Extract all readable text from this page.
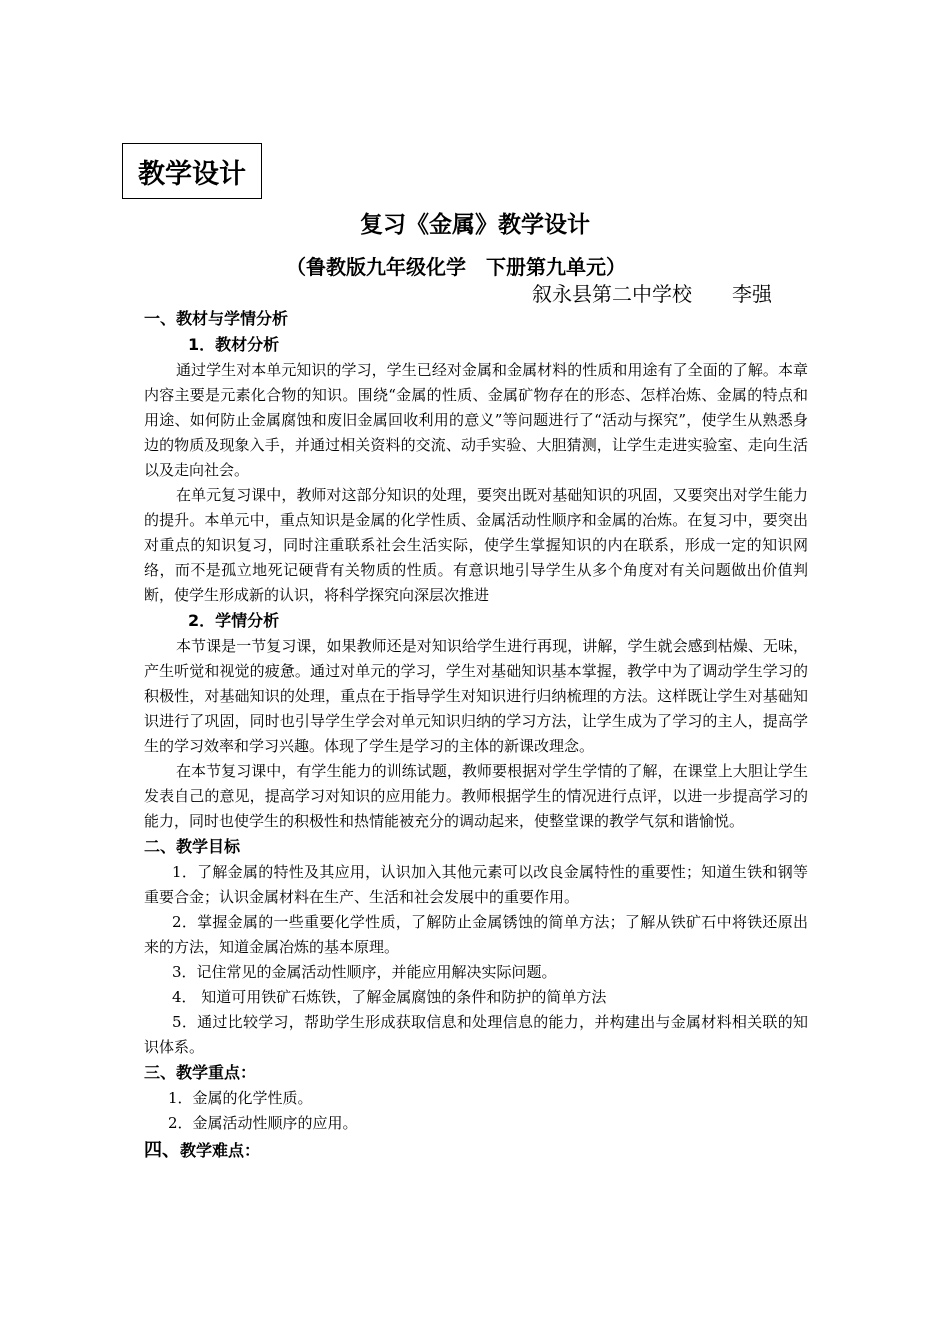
教学设计
复习《金属》教学设计
（鲁教版九年级化学　下册第九单元）
叙永县第二中学校　　李强
一、教材与学情分析
1．教材分析

通过学生对本单元知识的学习，学生已经对金属和金属材料的性质和用途有了全面的了解。本章内容主要是元素化合物的知识。围绕“金属的性质、金属矿物存在的形态、怎样冶炼、金属的特点和用途、如何防止金属腐蚀和废旧金属回收利用的意义”等问题进行了“活动与探究”，使学生从熟悉身边的物质及现象入手，并通过相关资料的交流、动手实验、大胆猜测，让学生走进实验室、走向生活以及走向社会。

在单元复习课中，教师对这部分知识的处理，要突出既对基础知识的巩固，又要突出对学生能力的提升。本单元中，重点知识是金属的化学性质、金属活动性顺序和金属的冶炼。在复习中，要突出对重点的知识复习，同时注重联系社会生活实际，使学生掌握知识的内在联系，形成一定的知识网络，而不是孤立地死记硬背有关物质的性质。有意识地引导学生从多个角度对有关问题做出价值判断，使学生形成新的认识，将科学探究向深层次推进

2．学情分析

本节课是一节复习课，如果教师还是对知识给学生进行再现，讲解，学生就会感到枯燥、无味，产生听觉和视觉的疲惫。通过对单元的学习，学生对基础知识基本掌握，教学中为了调动学生学习的积极性，对基础知识的处理，重点在于指导学生对知识进行归纳梳理的方法。这样既让学生对基础知识进行了巩固，同时也引导学生学会对单元知识归纳的学习方法，让学生成为了学习的主人，提高学生的学习效率和学习兴趣。体现了学生是学习的主体的新课改理念。

在本节复习课中，有学生能力的训练试题，教师要根据对学生学情的了解，在课堂上大胆让学生发表自己的意见，提高学习对知识的应用能力。教师根据学生的情况进行点评，以进一步提高学习的能力，同时也使学生的积极性和热情能被充分的调动起来，使整堂课的教学气氛和谐愉悦。

二、教学目标

1．了解金属的特性及其应用，认识加入其他元素可以改良金属特性的重要性；知道生铁和钢等重要合金；认识金属材料在生产、生活和社会发展中的重要作用。

2．掌握金属的一些重要化学性质，了解防止金属锈蚀的简单方法；了解从铁矿石中将铁还原出来的方法，知道金属冶炼的基本原理。

3．记住常见的金属活动性顺序，并能应用解决实际问题。

4． 知道可用铁矿石炼铁，了解金属腐蚀的条件和防护的简单方法

5．通过比较学习，帮助学生形成获取信息和处理信息的能力，并构建出与金属材料相关联的知识体系。

三、教学重点：

1．金属的化学性质。

2．金属活动性顺序的应用。

四、教学难点：
